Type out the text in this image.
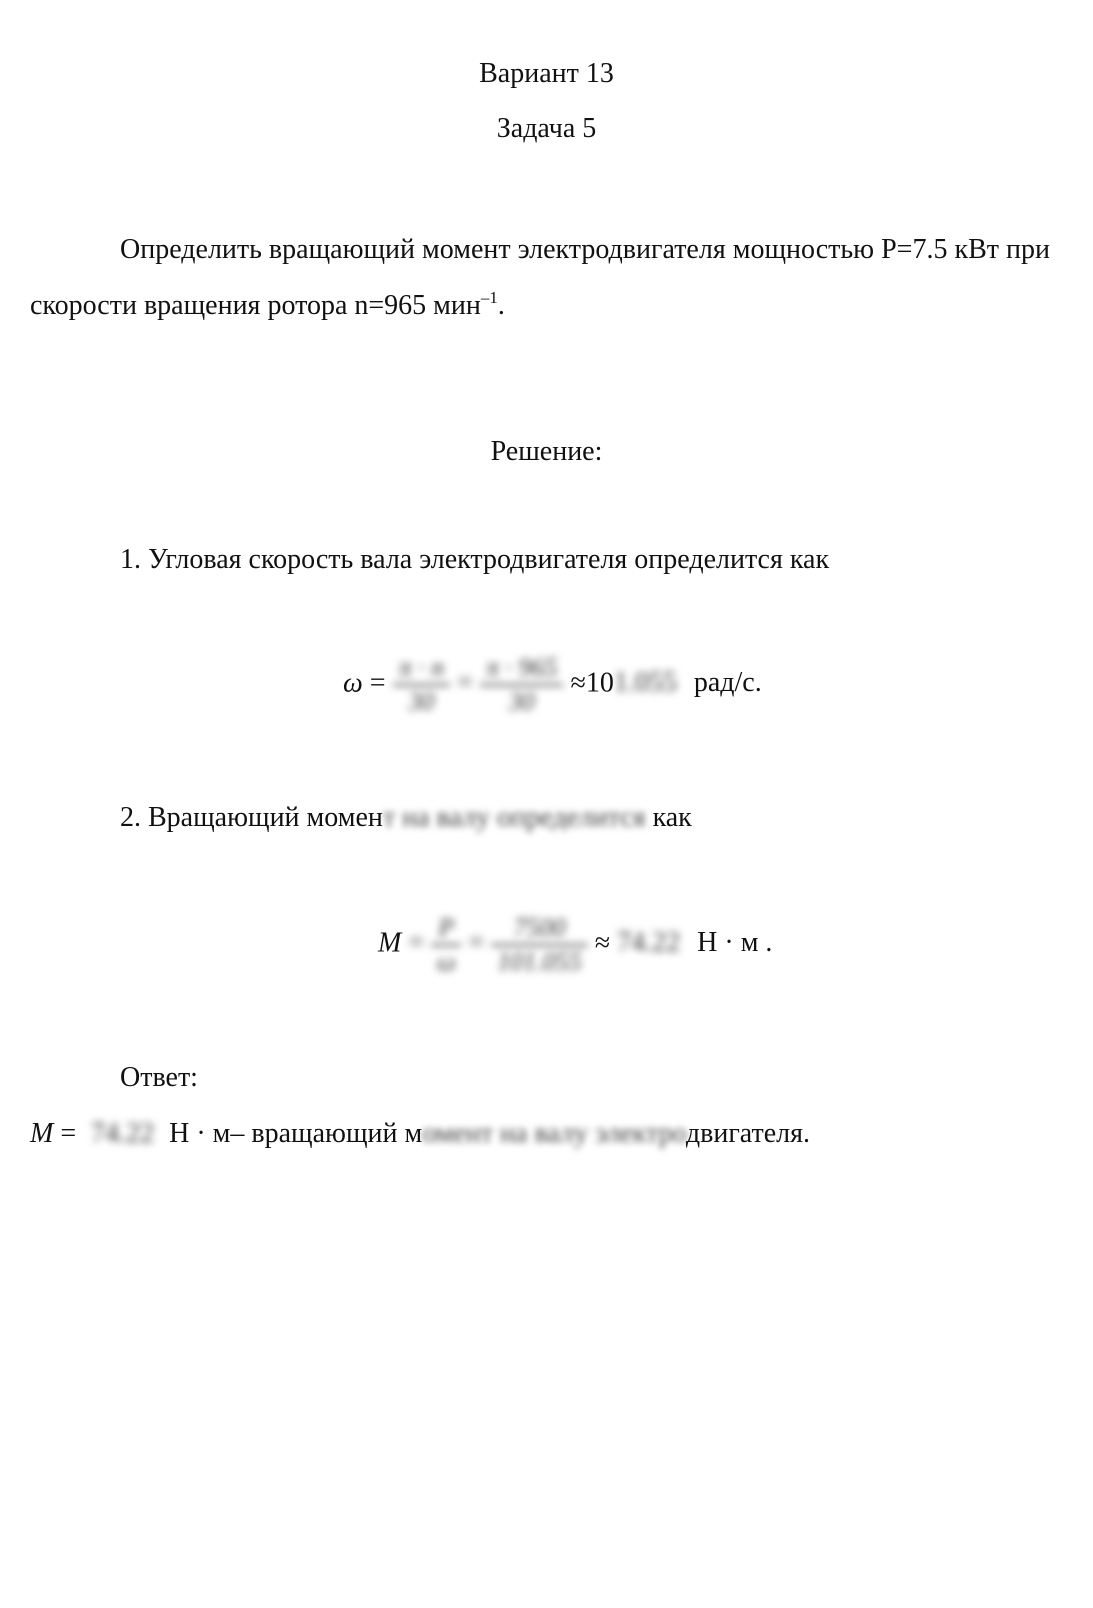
Вариант 13
Задача 5
Определить вращающий момент электродвигателя мощностью P=7.5 кВт при скорости вращения ротора n=965 мин$^{-1}$.
Решение:
1. Угловая скорость вала электродвигателя определится как
$\omega = \frac{\pi \cdot n}{30} = \frac{\pi \cdot 965}{30} \approx 101.055$ рад/с.
2. Вращающий момент на валу определится как
$M = \frac{P}{\omega} = \frac{7500}{101.055} \approx 74.22$ Н · м .
Ответ:
M = 74.22 Н · м– вращающий момент на валу электродвигателя.
